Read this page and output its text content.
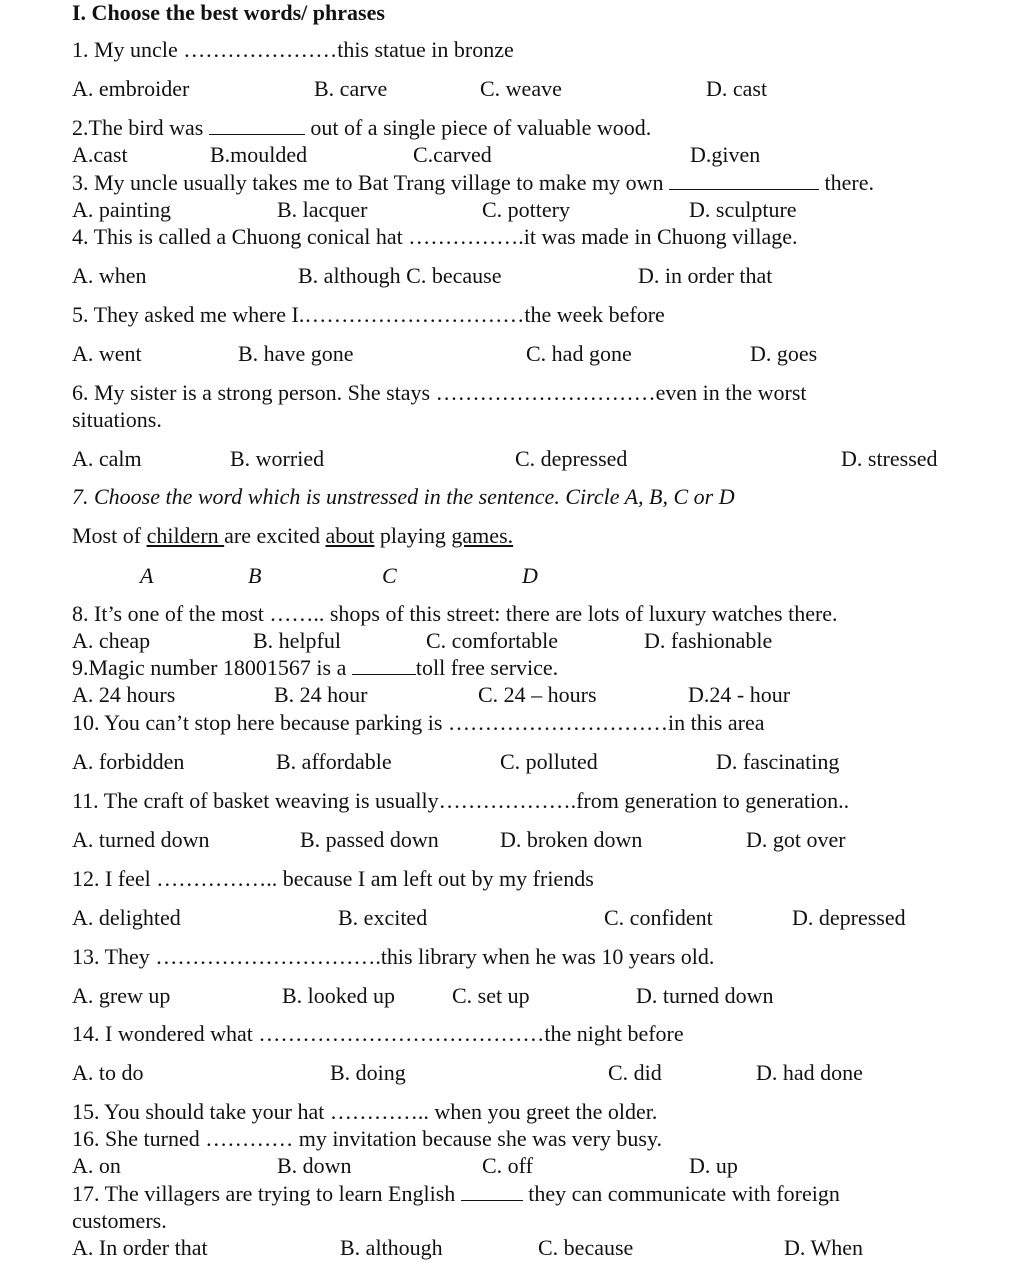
I. Choose the best words/ phrases
1. My uncle …………………this statue in bronze
A. embroider	B. carve	C. weave	D. cast
2.The bird was	out of a single piece of valuable wood.
A.cast	B.moulded	C.carved	D.given
3. My uncle usually takes me to Bat Trang village to make my own	there.
A. painting	B. lacquer	C. pottery	D. sculpture
4. This is called a Chuong conical hat …………….it was made in Chuong village.
A. when	B. although C. because	D. in order that
5. They asked me where I.…………………………the week before
A. went	B. have gone	C. had gone	D. goes
6. My sister is a strong person. She stays …………………………even in the worst
situations.
A. calm	B. worried	C. depressed	D. stressed
7. Choose the word which is unstressed in the sentence. Circle A, B, C or D
Most of childern are excited about playing games.
A	B	C	D
8. It’s one of the most …….. shops of this street: there are lots of luxury watches there.
A. cheap	B. helpful	C. comfortable	D. fashionable
9.Magic number 18001567 is a	toll free service.
A. 24 hours	B. 24 hour	C. 24 – hours	D.24 - hour
10. You can’t stop here because parking is …………………………in this area
A. forbidden	B. affordable	C. polluted	D. fascinating
11. The craft of basket weaving is usually……………….from generation to generation..
A. turned down	B. passed down	D. broken down	D. got over
12. I feel …………….. because I am left out by my friends
A. delighted	B. excited	C. confident	D. depressed
13. They ………………………….this library when he was 10 years old.
A. grew up	B. looked up	C. set up	D. turned down
14. I wondered what …………………………………the night before
A. to do	B. doing	C. did	D. had done
15. You should take your hat ………….. when you greet the older.
16. She turned ………… my invitation because she was very busy.
A. on	B. down	C. off	D. up
17. The villagers are trying to learn English	they can communicate with foreign
customers.
A. In order that	B. although	C. because	D. When
